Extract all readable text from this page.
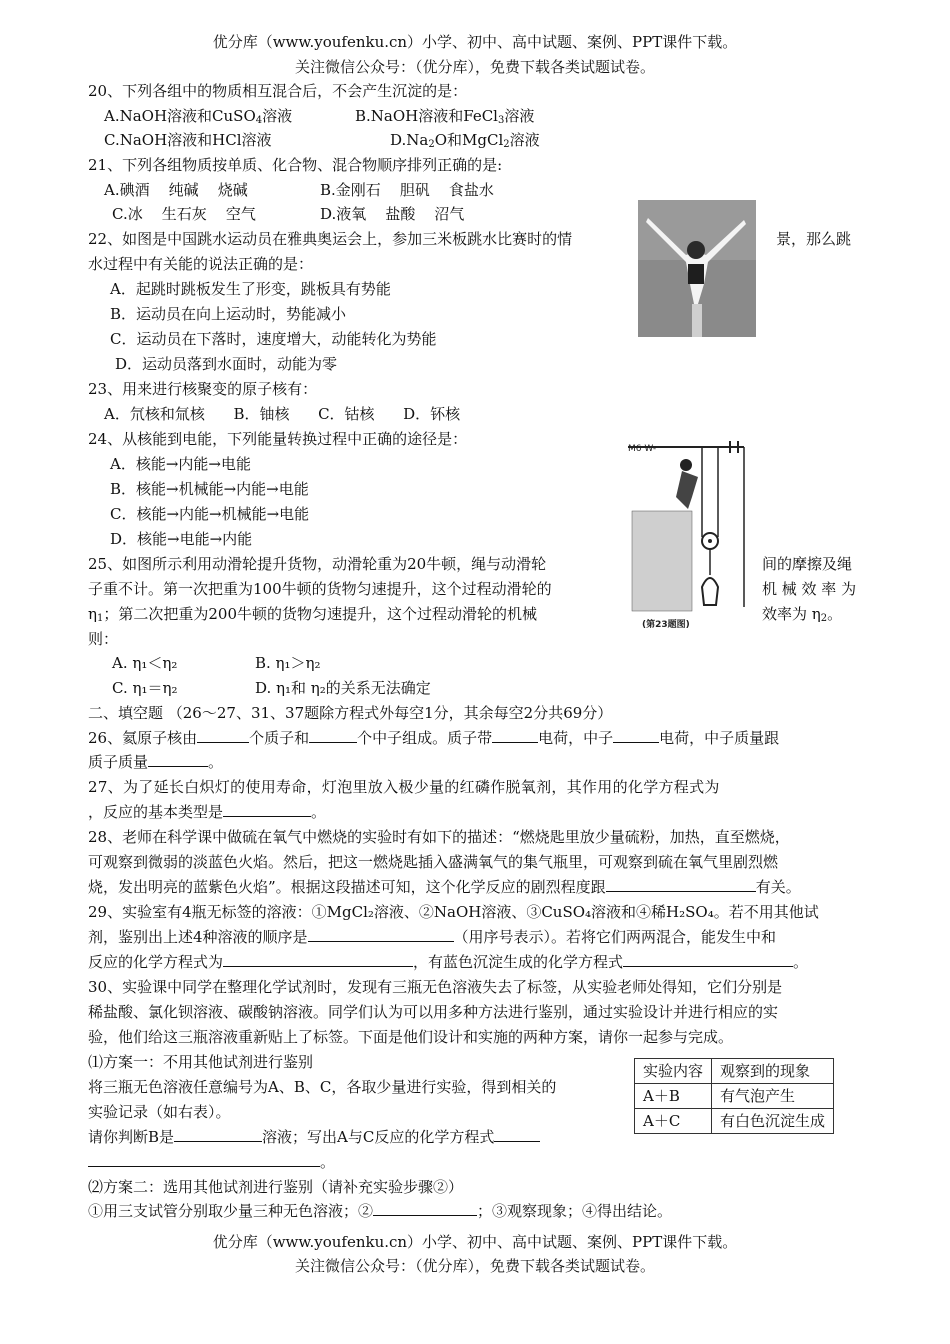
优分库（www.youfenku.cn）小学、初中、高中试题、案例、PPT课件下载。
关注微信公众号：（优分库），免费下载各类试题试卷。
20、下列各组中的物质相互混合后，不会产生沉淀的是：
A.NaOH溶液和CuSO$_4$溶液	B.NaOH溶液和FeCl$_3$溶液
C.NaOH溶液和HCl溶液	$D.Na_2O$和MgCl$_2$溶液
21、下列各组物质按单质、化合物、混合物顺序排列正确的是:
A.碘酒    纯碱    烧碱	B.金刚石    胆矾    食盐水
C.冰    生石灰    空气	D.液氧    盐酸    沼气
22、如图是中国跳水运动员在雅典奥运会上，参加三米板跳水比赛时的情	景，那么跳
水过程中有关能的说法正确的是：
A．起跳时跳板发生了形变，跳板具有势能
B．运动员在向上运动时，势能减小
C．运动员在下落时，速度增大，动能转化为势能
D．运动员落到水面时，动能为零
23、用来进行核聚变的原子核有：
A．氘核和氚核      B．铀核      C．钴核      D．钚核
24、从核能到电能，下列能量转换过程中正确的途径是：
A．核能→内能→电能
B．核能→机械能→内能→电能
C．核能→内能→机械能→电能
D．核能→电能→内能
M6 W-
(第23题图)
25、如图所示利用动滑轮提升货物，动滑轮重为20牛顿，绳与动滑轮	间的摩擦及绳
子重不计。第一次把重为100牛顿的货物匀速提升，这个过程动滑轮的	机 械 效 率 为
$\eta_1$；第二次把重为200牛顿的货物匀速提升，这个过程动滑轮的机械	效率为 $\eta_2$。
则：
A. η₁＜η₂	B. η₁＞η₂
C. η₁＝η₂	D. η₁和 η₂的关系无法确定
二、填空题 （26～27、31、37题除方程式外每空1分，其余每空2分共69分）
26、氦原子核由	个质子和	个中子组成。质子带	电荷，中子	电荷，中子质量跟
质子质量	。
27、为了延长白炽灯的使用寿命，灯泡里放入极少量的红磷作脱氧剂，其作用的化学方程式为
，反应的基本类型是	。
28、老师在科学课中做硫在氧气中燃烧的实验时有如下的描述：“燃烧匙里放少量硫粉，加热，直至燃烧，
可观察到微弱的淡蓝色火焰。然后，把这一燃烧匙插入盛满氧气的集气瓶里，可观察到硫在氧气里剧烈燃
烧，发出明亮的蓝紫色火焰”。根据这段描述可知，这个化学反应的剧烈程度跟	有关。
29、实验室有4瓶无标签的溶液：①MgCl₂溶液、②NaOH溶液、③CuSO₄溶液和④稀H₂SO₄。若不用其他试
剂，鉴别出上述4种溶液的顺序是	（用序号表示）。若将它们两两混合，能发生中和
反应的化学方程式为	，有蓝色沉淀生成的化学方程式	。
30、实验课中同学在整理化学试剂时，发现有三瓶无色溶液失去了标签，从实验老师处得知，它们分别是
稀盐酸、氯化钡溶液、碳酸钠溶液。同学们认为可以用多种方法进行鉴别，通过实验设计并进行相应的实
验，他们给这三瓶溶液重新贴上了标签。下面是他们设计和实施的两种方案，请你一起参与完成。
⑴方案一：不用其他试剂进行鉴别
将三瓶无色溶液任意编号为A、B、C，各取少量进行实验，得到相关的
实验记录（如右表）。
请你判断B是	溶液；写出A与C反应的化学方程式
。
实验内容	观察到的现象
A＋B	有气泡产生
A＋C	有白色沉淀生成
⑵方案二：选用其他试剂进行鉴别（请补充实验步骤②）
①用三支试管分别取少量三种无色溶液；②	；③观察现象；④得出结论。
优分库（www.youfenku.cn）小学、初中、高中试题、案例、PPT课件下载。
关注微信公众号：（优分库），免费下载各类试题试卷。
